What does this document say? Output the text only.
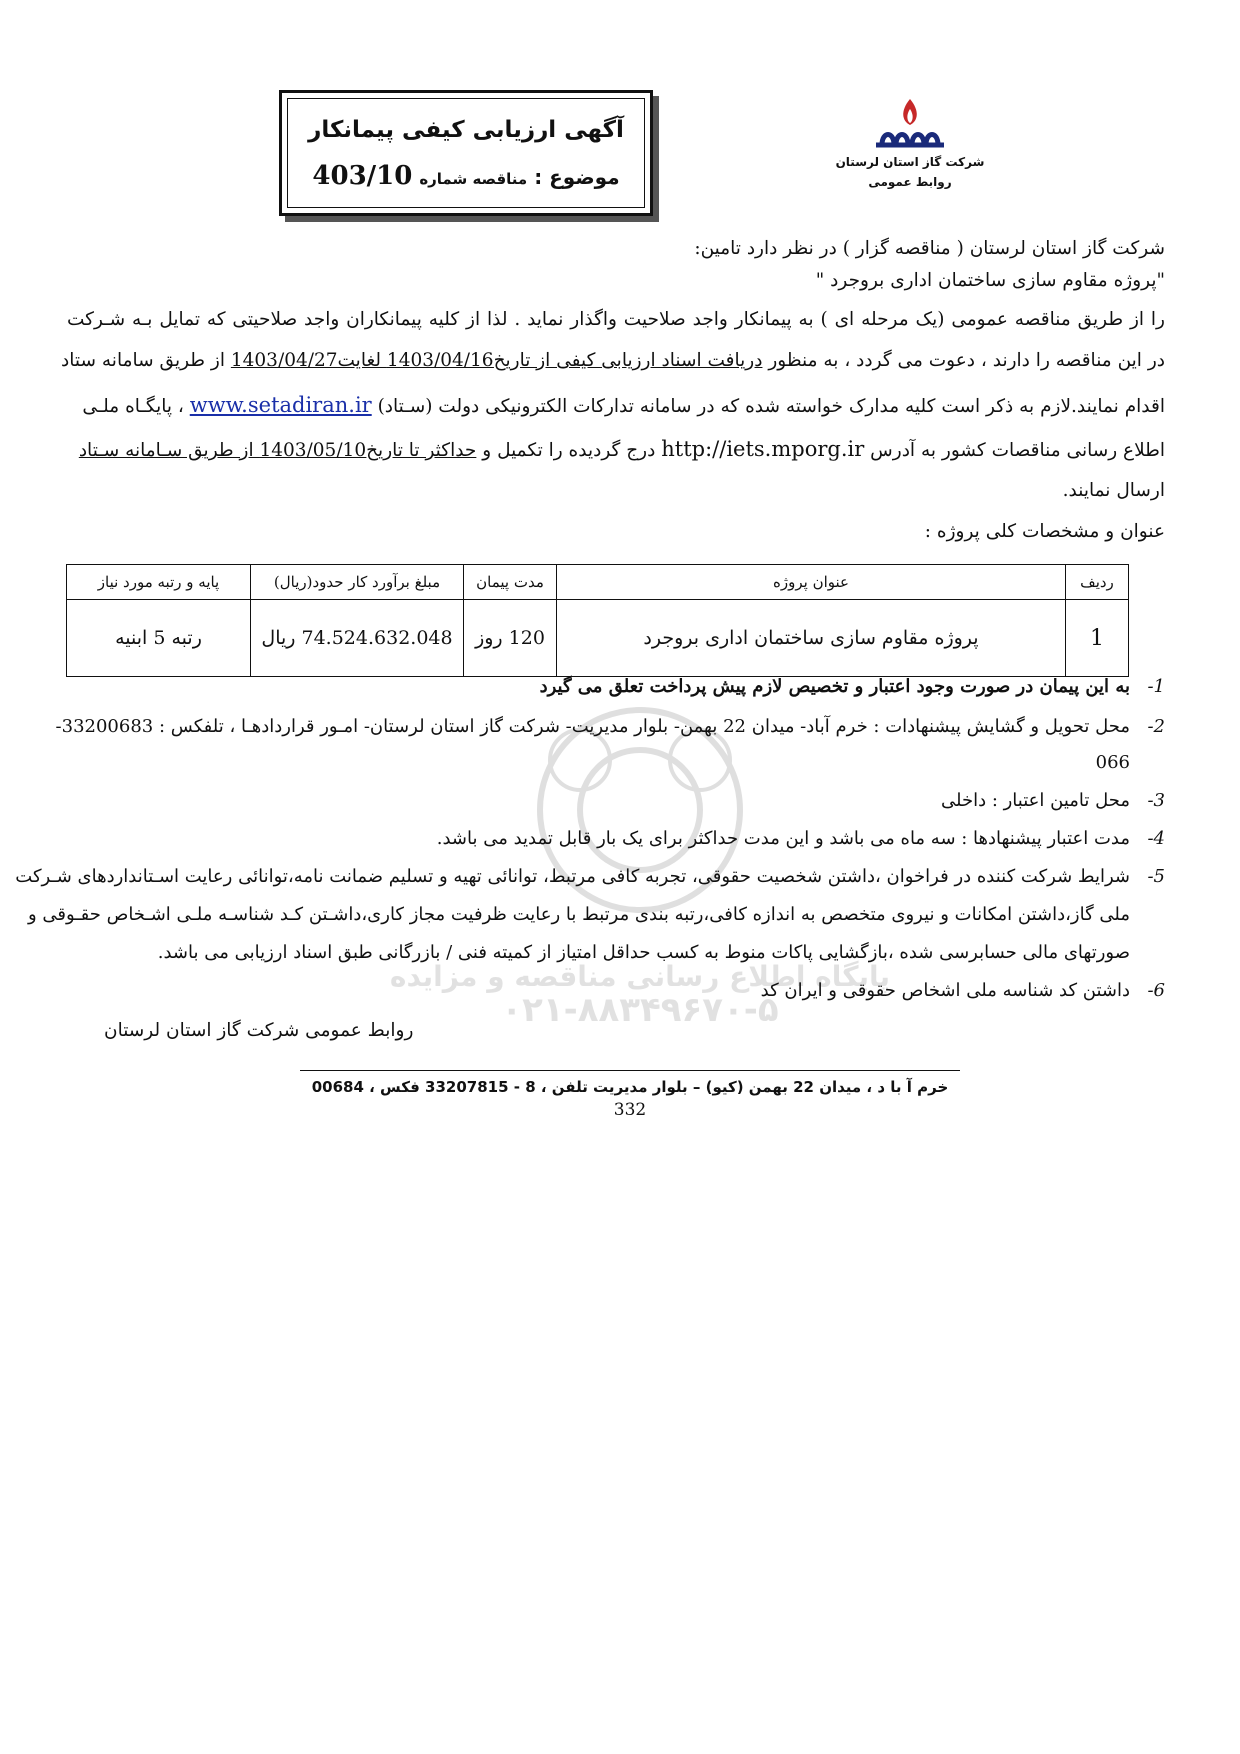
آگهی ارزیابی کیفی پیمانکار
موضوع : مناقصه شماره 403/10	شرکت گاز استان لرستان
روابط عمومی
شرکت گاز استان لرستان ( مناقصه گزار ) در نظر دارد تامین:
"پروژه مقاوم سازی ساختمان اداری بروجرد "
را از طریق مناقصه عمومی (یک مرحله ای ) به پیمانکار واجد صلاحیت واگذار نماید . لذا از کلیه پیمانکاران واجد صلاحیتی که تمایل بـه شـرکت
در این مناقصه را دارند ، دعوت می گردد ، به منظور دریافت اسناد ارزیابی کیفی از تاریخ1403/04/16 لغایت1403/04/27 از طریق سامانه ستاد
اقدام نمایند.لازم به ذکر است کلیه مدارک خواسته شده که در سامانه تدارکات الکترونیکی دولت (سـتاد) www.setadiran.ir ، پایگـاه ملـی
اطلاع رسانی مناقصات کشور به آدرس http://iets.mporg.ir درج گردیده را تکمیل و حداکثر تا تاریخ1403/05/10 از طریق سـامانه سـتاد
ارسال نمایند.
عنوان و مشخصات کلی پروژه :
ردیف	عنوان پروژه	مدت پیمان	مبلغ برآورد کار حدود(ریال)	پایه و رتبه مورد نیاز
1	پروژه مقاوم سازی ساختمان اداری بروجرد	120 روز	74.524.632.048 ریال	رتبه 5 ابنیه
پایگاه اطلاع رسانی مناقصه و مزایده
۰۲۱-۸۸۳۴۹۶۷۰-۵
-1
به این پیمان در صورت وجود اعتبار و تخصیص لازم پیش پرداخت تعلق می گیرد
-2
محل تحویل و گشایش پیشنهادات : خرم آباد- میدان 22 بهمن- بلوار مدیریت- شرکت گاز استان لرستان- امـور قراردادهـا ، تلفکس : 33200683-
066
-3
محل تامین اعتبار : داخلی
-4
مدت اعتبار پیشنهادها : سه ماه می باشد و این مدت حداکثر برای یک بار قابل تمدید می باشد.
-5
شرایط شرکت کننده در فراخوان ،داشتن شخصیت حقوقی، تجربه کافی مرتبط، توانائی تهیه و تسلیم ضمانت نامه،توانائی رعایت اسـتانداردهای شـرکت
ملی گاز،داشتن امکانات و نیروی متخصص به اندازه کافی،رتبه بندی مرتبط با رعایت ظرفیت مجاز کاری،داشـتن کـد شناسـه ملـی اشـخاص حقـوقی و
صورتهای مالی حسابرسی شده ،بازگشایی پاکات منوط به کسب حداقل امتیاز از کمیته فنی / بازرگانی طبق اسناد ارزیابی می باشد.
-6
داشتن کد شناسه ملی اشخاص حقوقی و ایران کد
روابط عمومی شرکت گاز استان لرستان
خرم آ با د ، میدان 22 بهمن (کیو) – بلوار مدیریت تلفن ، 8 - 33207815 فکس ، 00684
332
